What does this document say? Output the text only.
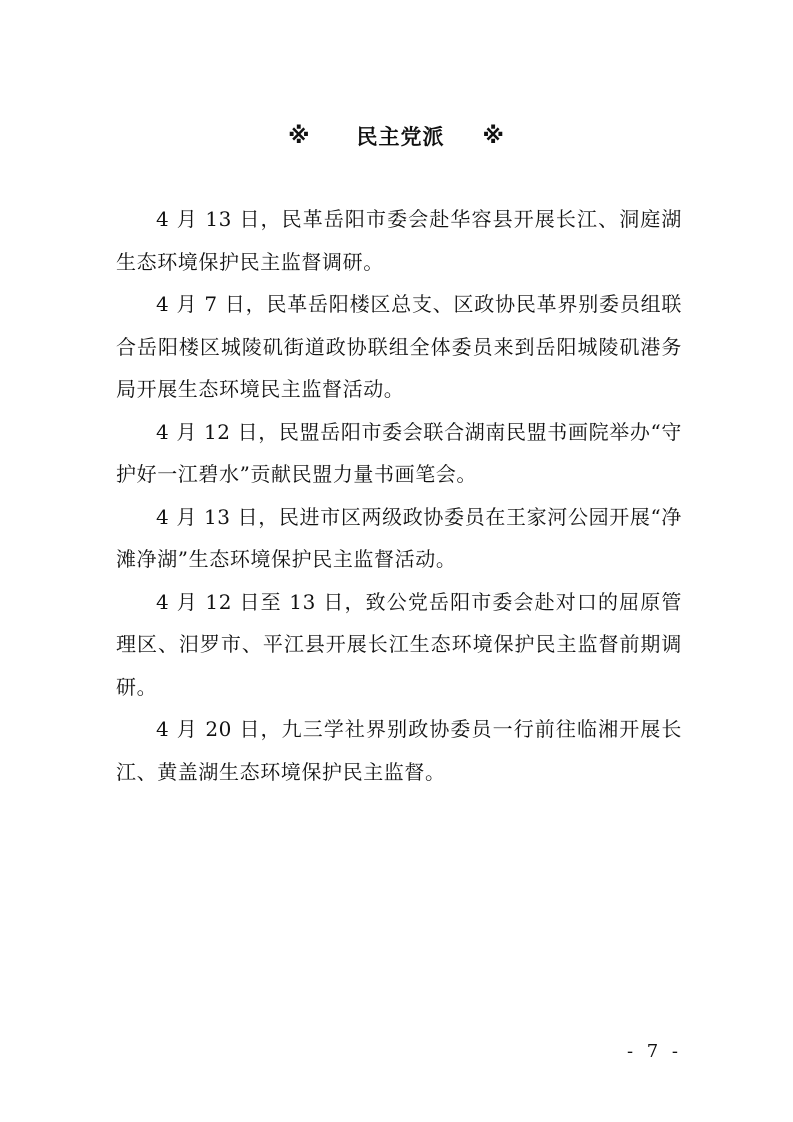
※ 民主党派 ※

4 月 13 日，民革岳阳市委会赴华容县开展长江、洞庭湖生态环境保护民主监督调研。

4 月 7 日，民革岳阳楼区总支、区政协民革界别委员组联合岳阳楼区城陵矶街道政协联组全体委员来到岳阳城陵矶港务局开展生态环境民主监督活动。

4 月 12 日，民盟岳阳市委会联合湖南民盟书画院举办“守护好一江碧水”贡献民盟力量书画笔会。

4 月 13 日，民进市区两级政协委员在王家河公园开展“净滩净湖”生态环境保护民主监督活动。

4 月 12 日至 13 日，致公党岳阳市委会赴对口的屈原管理区、汨罗市、平江县开展长江生态环境保护民主监督前期调研。

4 月 20 日，九三学社界别政协委员一行前往临湘开展长江、黄盖湖生态环境保护民主监督。

- 7 -
